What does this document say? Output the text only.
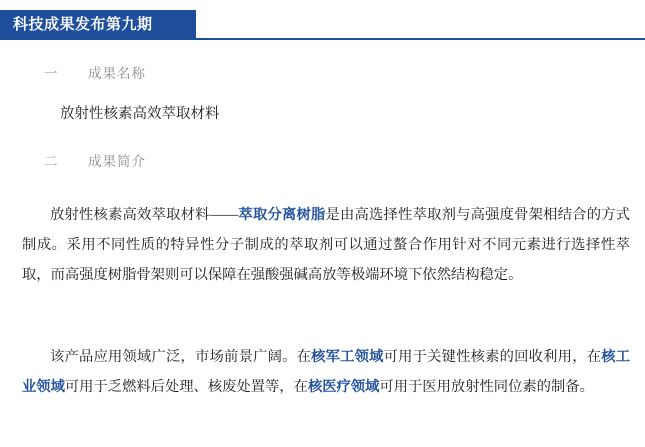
科技成果发布第九期
一	成果名称
放射性核素高效萃取材料
二	成果简介

放射性核素高效萃取材料——萃取分离树脂是由高选择性萃取剂与高强度骨架相结合的方式制成。采用不同性质的特异性分子制成的萃取剂可以通过螯合作用针对不同元素进行选择性萃取，而高强度树脂骨架则可以保障在强酸强碱高放等极端环境下依然结构稳定。

该产品应用领域广泛，市场前景广阔。在核军工领域可用于关键性核素的回收利用，在核工业领域可用于乏燃料后处理、核废处置等，在核医疗领域可用于医用放射性同位素的制备。
